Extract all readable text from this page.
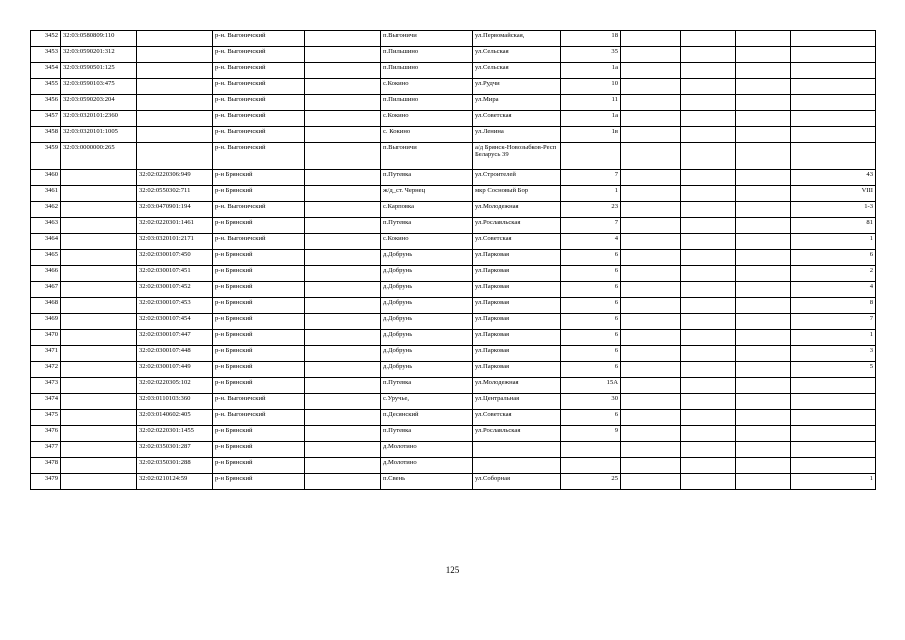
3452	32:03:0580809:110		р-н. Выгоничский		п.Выгоничи	ул.Первомайская,	18				
3453	32:03:0590201:312		р-н. Выгоничский		п.Пильшино	ул.Сельская	35				
3454	32:03:0590501:125		р-н. Выгоничский		п.Пильшино	ул.Сельская	1а				
3455	32:03:0590103:475		р-н. Выгоничский		с.Кокино	ул.Рудчи	10				
3456	32:03:0590203:204		р-н. Выгоничский		п.Пильшино	ул.Мира	11				
3457	32:03:0320101:2360		р-н. Выгоничский		с.Кокино	ул.Советская	1а				
3458	32:03:0320101:1005		р-н. Выгоничский		с. Кокино	ул.Ленина	1в				
3459	32:03:0000000:265		р-н. Выгоничский		п.Выгоничи	а/д Брянск-Новозыбков-Респ Беларусь 39					
3460		32:02:0220306:949	р-н Брянский		п.Путевка	ул.Строителей	7				43
3461		32:02:0550302:711	р-н Брянский		ж/д_ст. Чернец	мкр Сосновый Бор	1				VIII
3462		32:03:0470901:194	р-н. Выгоничский		с.Карповка	ул.Молодежная	23				1-3
3463		32:02:0220301:1461	р-н Брянский		п.Путевка	ул.Рославльская	7				81
3464		32:03:0320101:2171	р-н. Выгоничский		с.Кокино	ул.Советская	4				1
3465		32:02:0300107:450	р-н Брянский		д.Добрунь	ул.Парковая	6				6
3466		32:02:0300107:451	р-н Брянский		д.Добрунь	ул.Парковая	6				2
3467		32:02:0300107:452	р-н Брянский		д.Добрунь	ул.Парковая	6				4
3468		32:02:0300107:453	р-н Брянский		д.Добрунь	ул.Парковая	6				8
3469		32:02:0300107:454	р-н Брянский		д.Добрунь	ул.Парковая	6				7
3470		32:02:0300107:447	р-н Брянский		д.Добрунь	ул.Парковая	6				1
3471		32:02:0300107:448	р-н Брянский		д.Добрунь	ул.Парковая	6				3
3472		32:02:0300107:449	р-н Брянский		д.Добрунь	ул.Парковая	6				5
3473		32:02:0220305:102	р-н Брянский		п.Путевка	ул.Молодежная	15А				
3474		32:03:0110103:360	р-н. Выгоничский		с.Уручье,	ул.Центральная	30				
3475		32:03:0140602:405	р-н. Выгоничский		п.Десянский	ул.Советская	6				
3476		32:02:0220301:1455	р-н Брянский		п.Путевка	ул.Рославльская	9				
3477		32:02:0350301:287	р-н Брянский		д.Молотино						
3478		32:02:0350301:288	р-н Брянский		д.Молотино						
3479		32:02:0210124:59	р-н Брянский		п.Свень	ул.Соборная	25				1
125
